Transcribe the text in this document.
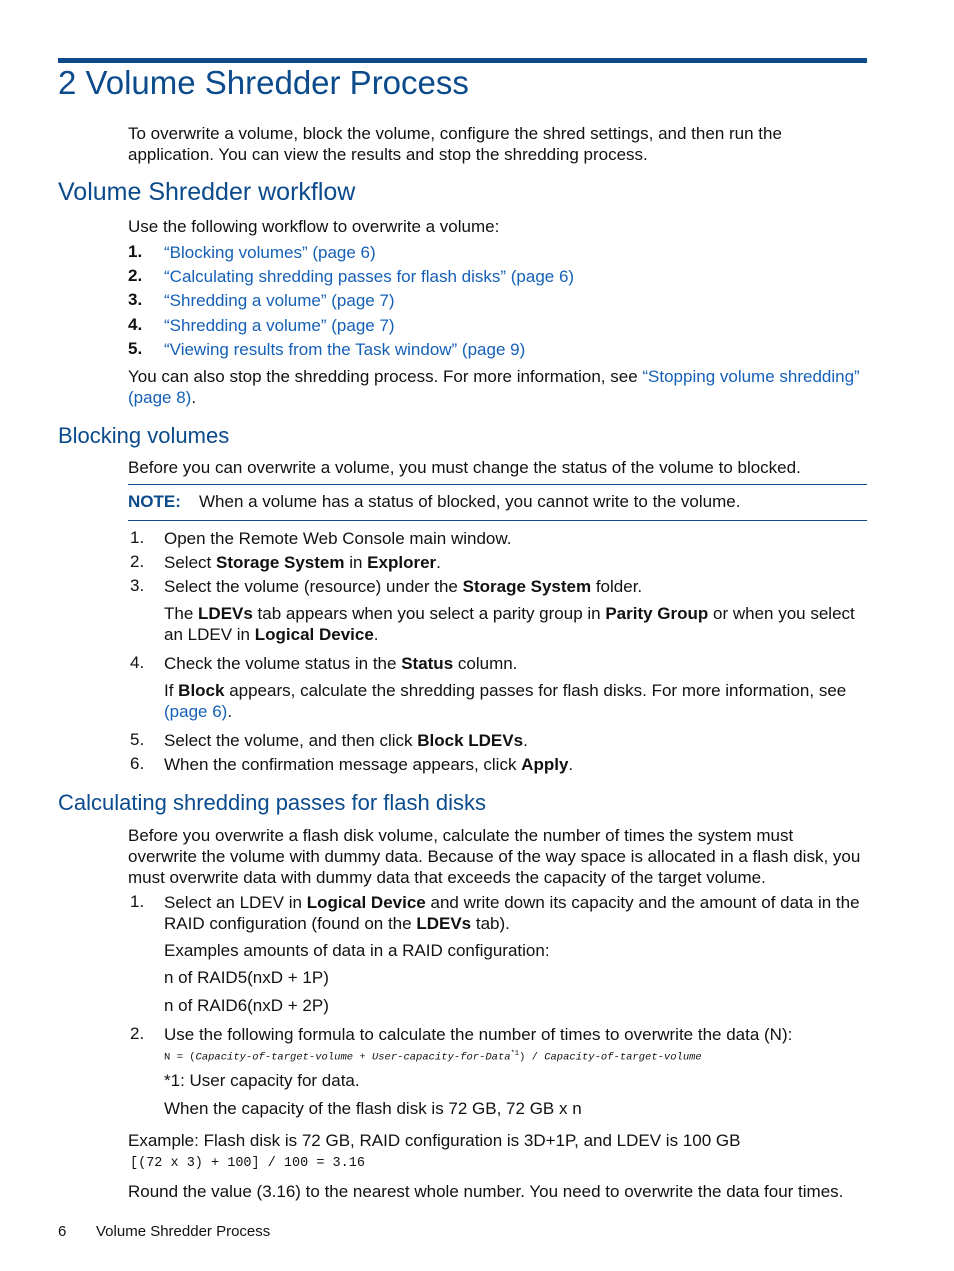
2 Volume Shredder Process
To overwrite a volume, block the volume, configure the shred settings, and then run the application. You can view the results and stop the shredding process.
Volume Shredder workflow
Use the following workflow to overwrite a volume:
1. “Blocking volumes” (page 6)
2. “Calculating shredding passes for flash disks” (page 6)
3. “Shredding a volume” (page 7)
4. “Shredding a volume” (page 7)
5. “Viewing results from the Task window” (page 9)
You can also stop the shredding process. For more information, see “Stopping volume shredding” (page 8).
Blocking volumes
Before you can overwrite a volume, you must change the status of the volume to blocked.
NOTE: When a volume has a status of blocked, you cannot write to the volume.
1. Open the Remote Web Console main window.
2. Select Storage System in Explorer.
3. Select the volume (resource) under the Storage System folder.
The LDEVs tab appears when you select a parity group in Parity Group or when you select an LDEV in Logical Device.
4. Check the volume status in the Status column.
If Block appears, calculate the shredding passes for flash disks. For more information, see (page 6).
5. Select the volume, and then click Block LDEVs.
6. When the confirmation message appears, click Apply.
Calculating shredding passes for flash disks
Before you overwrite a flash disk volume, calculate the number of times the system must overwrite the volume with dummy data. Because of the way space is allocated in a flash disk, you must overwrite data with dummy data that exceeds the capacity of the target volume.
1. Select an LDEV in Logical Device and write down its capacity and the amount of data in the RAID configuration (found on the LDEVs tab).
Examples amounts of data in a RAID configuration:
n of RAID5(nxD + 1P)
n of RAID6(nxD + 2P)
2. Use the following formula to calculate the number of times to overwrite the data (N):
N = (Capacity-of-target-volume + User-capacity-for-Data$^{*1}$) / Capacity-of-target-volume
*1: User capacity for data.
When the capacity of the flash disk is 72 GB, 72 GB x n
Example: Flash disk is 72 GB, RAID configuration is 3D+1P, and LDEV is 100 GB
[(72 x 3) + 100] / 100 = 3.16
Round the value (3.16) to the nearest whole number. You need to overwrite the data four times.
6 Volume Shredder Process
